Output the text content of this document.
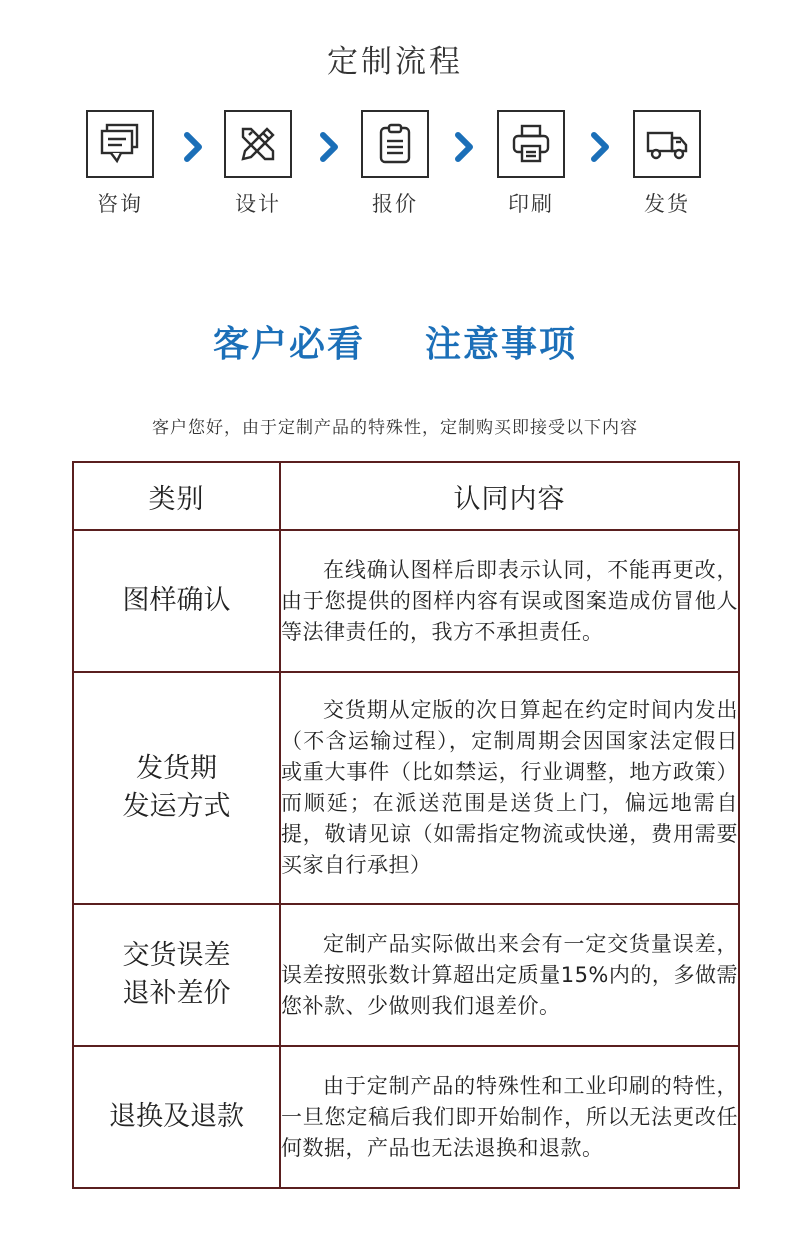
定制流程
咨询	设计	报价	印刷	发货
客户必看 注意事项
客户您好，由于定制产品的特殊性，定制购买即接受以下内容
类别	认同内容

图样确认	在线确认图样后即表示认同，不能再更改，由于您提供的图样内容有误或图案造成仿冒他人等法律责任的，我方不承担责任。

发货期
发运方式	交货期从定版的次日算起在约定时间内发出（不含运输过程），定制周期会因国家法定假日或重大事件（比如禁运，行业调整，地方政策）而顺延；在派送范围是送货上门，偏远地需自提，敬请见谅（如需指定物流或快递，费用需要买家自行承担）

交货误差
退补差价	定制产品实际做出来会有一定交货量误差，误差按照张数计算超出定质量15%内的，多做需您补款、少做则我们退差价。

退换及退款	由于定制产品的特殊性和工业印刷的特性，一旦您定稿后我们即开始制作，所以无法更改任何数据，产品也无法退换和退款。
